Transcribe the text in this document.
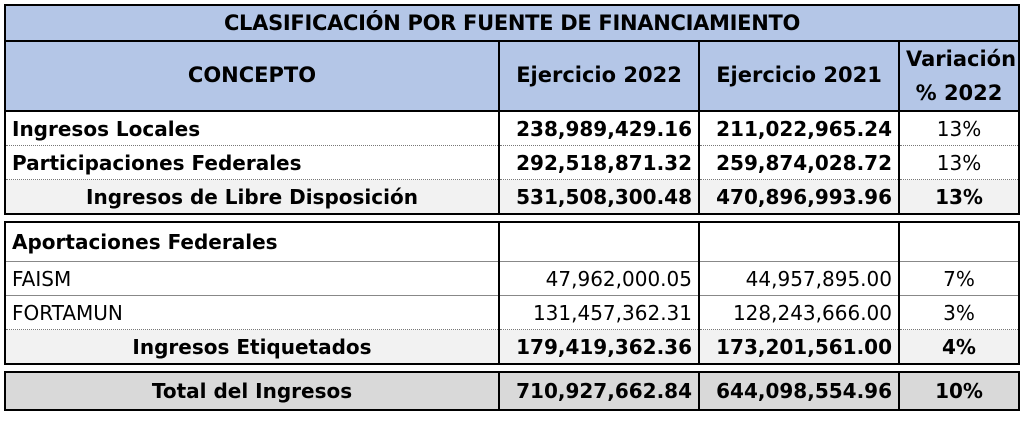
CLASIFICACIÓN POR FUENTE DE FINANCIAMIENTO			
CONCEPTO	Ejercicio 2022	Ejercicio 2021	Variación
% 2022
Ingresos Locales	238,989,429.16	211,022,965.24	13%
Participaciones Federales	292,518,871.32	259,874,028.72	13%
Ingresos de Libre Disposición	531,508,300.48	470,896,993.96	13%

Aportaciones Federales			
FAISM	47,962,000.05	44,957,895.00	7%
FORTAMUN	131,457,362.31	128,243,666.00	3%
Ingresos Etiquetados	179,419,362.36	173,201,561.00	4%

Total del Ingresos	710,927,662.84	644,098,554.96	10%
